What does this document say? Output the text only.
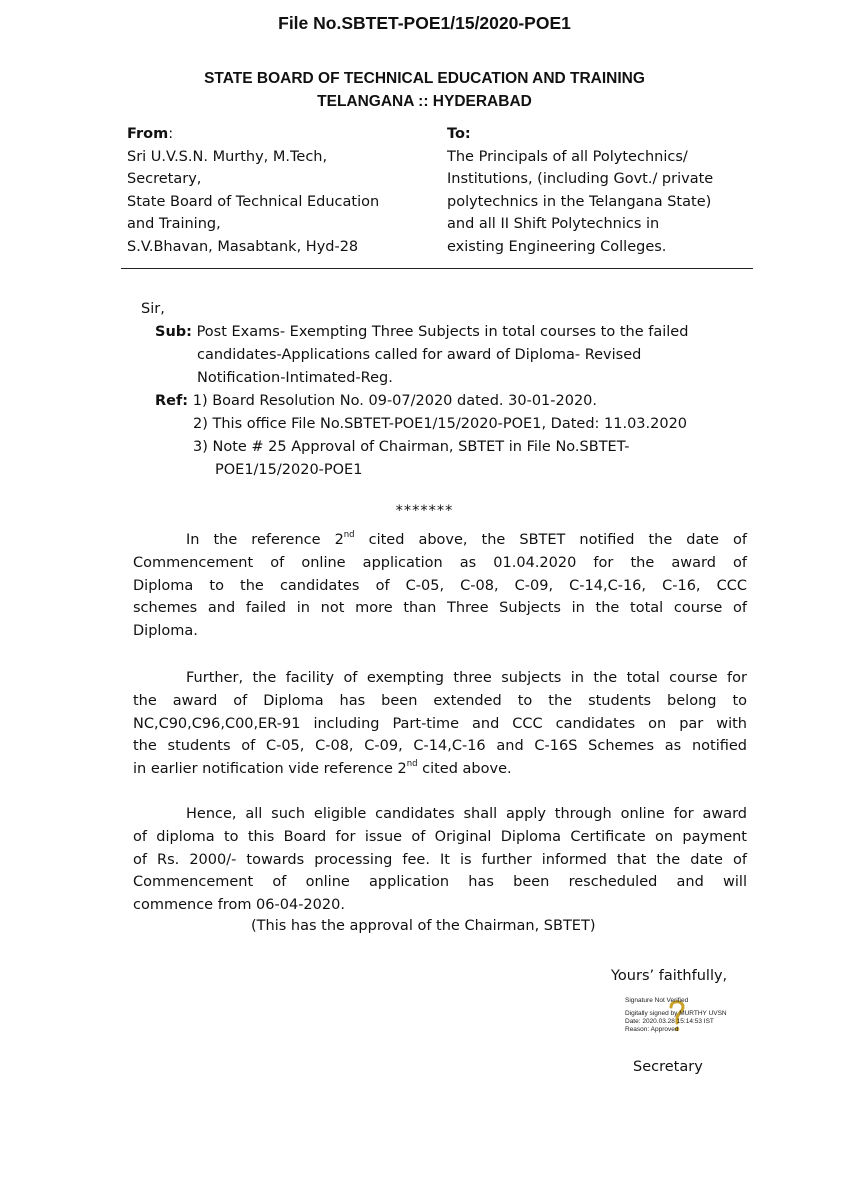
File No.SBTET-POE1/15/2020-POE1
STATE BOARD OF TECHNICAL EDUCATION AND TRAINING
TELANGANA :: HYDERABAD
From:
Sri U.V.S.N. Murthy, M.Tech,
Secretary,
State Board of Technical Education
and Training,
S.V.Bhavan, Masabtank, Hyd-28
To:
The Principals of all Polytechnics/
Institutions, (including Govt./ private
polytechnics in the Telangana State)
and all II Shift Polytechnics in
existing Engineering Colleges.
Sir,
Sub: Post Exams- Exempting Three Subjects in total courses to the failed
candidates-Applications called for award of Diploma- Revised
Notification-Intimated-Reg.
Ref: 1) Board Resolution No. 09-07/2020 dated. 30-01-2020.
2) This office File No.SBTET-POE1/15/2020-POE1, Dated: 11.03.2020
3) Note # 25 Approval of Chairman, SBTET in File No.SBTET-
POE1/15/2020-POE1
*******
In the reference 2nd cited above, the SBTET notified the date of
Commencement of online application as 01.04.2020 for the award of
Diploma to the candidates of C-05, C-08, C-09, C-14,C-16, C-16, CCC
schemes and failed in not more than Three Subjects in the total course of
Diploma.
Further, the facility of exempting three subjects in the total course for
the award of Diploma has been extended to the students belong to
NC,C90,C96,C00,ER-91 including Part-time and CCC candidates on par with
the students of C-05, C-08, C-09, C-14,C-16 and C-16S Schemes as notified
in earlier notification vide reference 2nd cited above.
Hence, all such eligible candidates shall apply through online for award
of diploma to this Board for issue of Original Diploma Certificate on payment
of Rs. 2000/- towards processing fee. It is further informed that the date of
Commencement of online application has been rescheduled and will
commence from 06-04-2020.
(This has the approval of the Chairman, SBTET)
Yours’ faithfully,
Signature Not Verified
Digitally signed by MURTHY UVSN
Date: 2020.03.28 15:14:53 IST
Reason: Approved
Secretary
